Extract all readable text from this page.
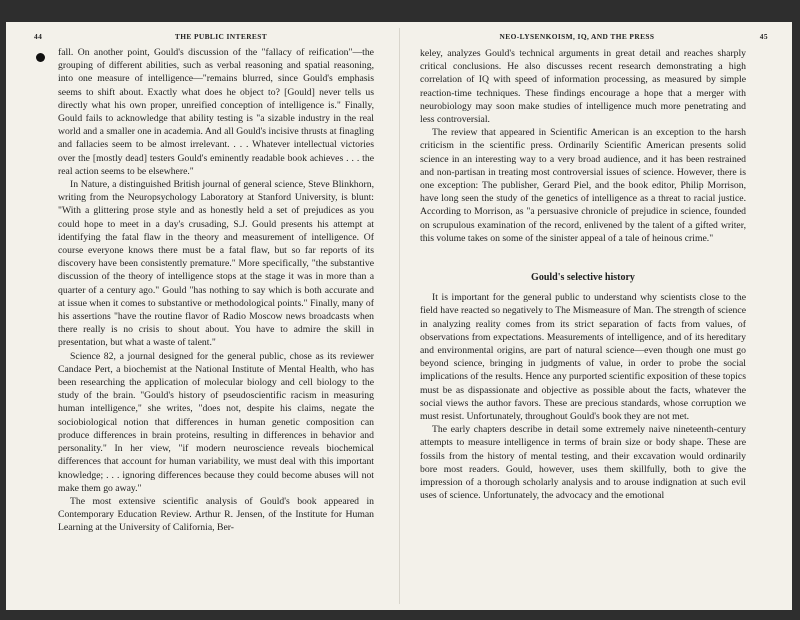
44	THE PUBLIC INTEREST

fall. On another point, Gould's discussion of the "fallacy of reification"—the grouping of different abilities, such as verbal reasoning and spatial reasoning, into one measure of intelligence—"remains blurred, since Gould's emphasis seems to shift about. Exactly what does he object to? [Gould] never tells us directly what his own proper, unreified conception of intelligence is." Finally, Gould fails to acknowledge that ability testing is "a sizable industry in the real world and a smaller one in academia. And all Gould's incisive thrusts at finagling and fallacies seem to be almost irrelevant. . . . Whatever intellectual victories over the [mostly dead] testers Gould's eminently readable book achieves . . . the real action seems to be elsewhere."

In Nature, a distinguished British journal of general science, Steve Blinkhorn, writing from the Neuropsychology Laboratory at Stanford University, is blunt: "With a glittering prose style and as honestly held a set of prejudices as you could hope to meet in a day's crusading, S.J. Gould presents his attempt at identifying the fatal flaw in the theory and measurement of intelligence. Of course everyone knows there must be a fatal flaw, but so far reports of its discovery have been consistently premature." More specifically, "the substantive discussion of the theory of intelligence stops at the stage it was in more than a quarter of a century ago." Gould "has nothing to say which is both accurate and at issue when it comes to substantive or methodological points." Finally, many of his assertions "have the routine flavor of Radio Moscow news broadcasts when there really is no crisis to shout about. You have to admire the skill in presentation, but what a waste of talent."

Science 82, a journal designed for the general public, chose as its reviewer Candace Pert, a biochemist at the National Institute of Mental Health, who has been researching the application of molecular biology and cell biology to the study of the brain. "Gould's history of pseudoscientific racism in measuring human intelligence," she writes, "does not, despite his claims, negate the sociobiological notion that differences in human genetic composition can produce differences in brain proteins, resulting in differences in behavior and personality." In her view, "if modern neuroscience reveals biochemical differences that account for human variability, we must deal with this important knowledge; . . . ignoring differences because they could become abuses will not make them go away."

The most extensive scientific analysis of Gould's book appeared in Contemporary Education Review. Arthur R. Jensen, of the Institute for Human Learning at the University of California, Ber-

NEO-LYSENKOISM, IQ, AND THE PRESS	45

keley, analyzes Gould's technical arguments in great detail and reaches sharply critical conclusions. He also discusses recent research demonstrating a high correlation of IQ with speed of information processing, as measured by simple reaction-time techniques. These findings encourage a hope that a merger with neurobiology may soon make studies of intelligence much more penetrating and less controversial.

The review that appeared in Scientific American is an exception to the harsh criticism in the scientific press. Ordinarily Scientific American presents solid science in an interesting way to a very broad audience, and it has been restrained and non-partisan in treating most controversial issues of science. However, there is one exception: The publisher, Gerard Piel, and the book editor, Philip Morrison, have long seen the study of the genetics of intelligence as a threat to racial justice. According to Morrison, as "a persuasive chronicle of prejudice in science, founded on scrupulous examination of the record, enlivened by the talent of a gifted writer, this volume takes on some of the sinister appeal of a tale of heinous crime."

Gould's selective history

It is important for the general public to understand why scientists close to the field have reacted so negatively to The Mismeasure of Man. The strength of science in analyzing reality comes from its strict separation of facts from values, of observations from expectations. Measurements of intelligence, and of its hereditary and environmental origins, are part of natural science—even though one must go beyond science, bringing in judgments of value, in order to probe the social implications of the results. Hence any purported scientific exposition of these topics must be as dispassionate and objective as possible about the facts, whatever the social views the author favors. These are precious standards, whose corruption we must resist. Unfortunately, throughout Gould's book they are not met.

The early chapters describe in detail some extremely naive nineteenth-century attempts to measure intelligence in terms of brain size or body shape. These are fossils from the history of mental testing, and their excavation would ordinarily bore most readers. Gould, however, uses them skillfully, both to give the impression of a thorough scholarly analysis and to arouse indignation at such evil uses of science. Unfortunately, the advocacy and the emotional
